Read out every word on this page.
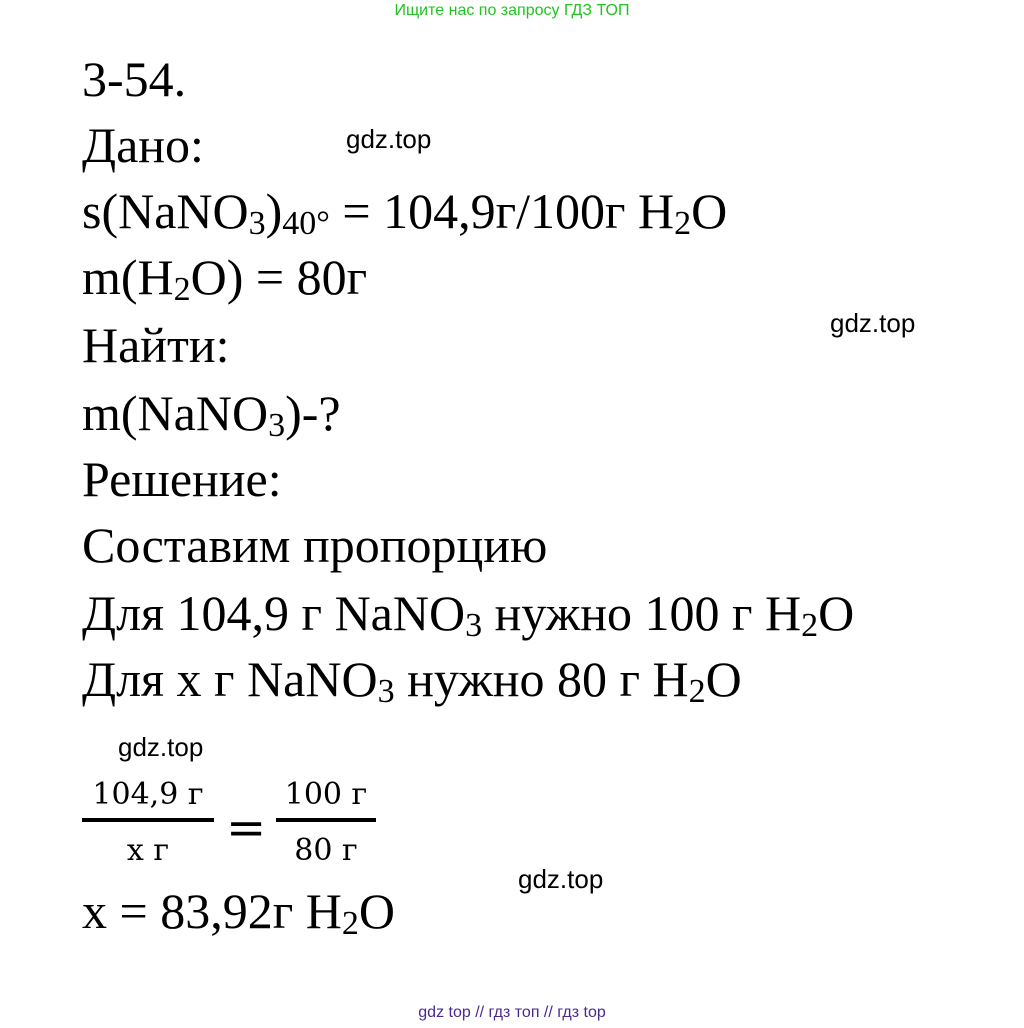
Ищите нас по запросу ГДЗ ТОП
3-54.
Дано:
$s(NaNO_3)_{40^\circ} = 104,9г/100г$ $H_2O$
$m(H_2O) = 80г$
Найти:
m(NaNO$_3$)-?
Решение:
Составим пропорцию
Для 104,9 г NaNO$_3$ нужно 100 г $H_2O$
Для х г NaNO$_3$ нужно 80 г $H_2O$
104,9 г
х г =
100 г
80 г
х = 83,92г $H_2O$
gdz.top
gdz.top
gdz.top
gdz.top
gdz top // гдз топ // гдз top
